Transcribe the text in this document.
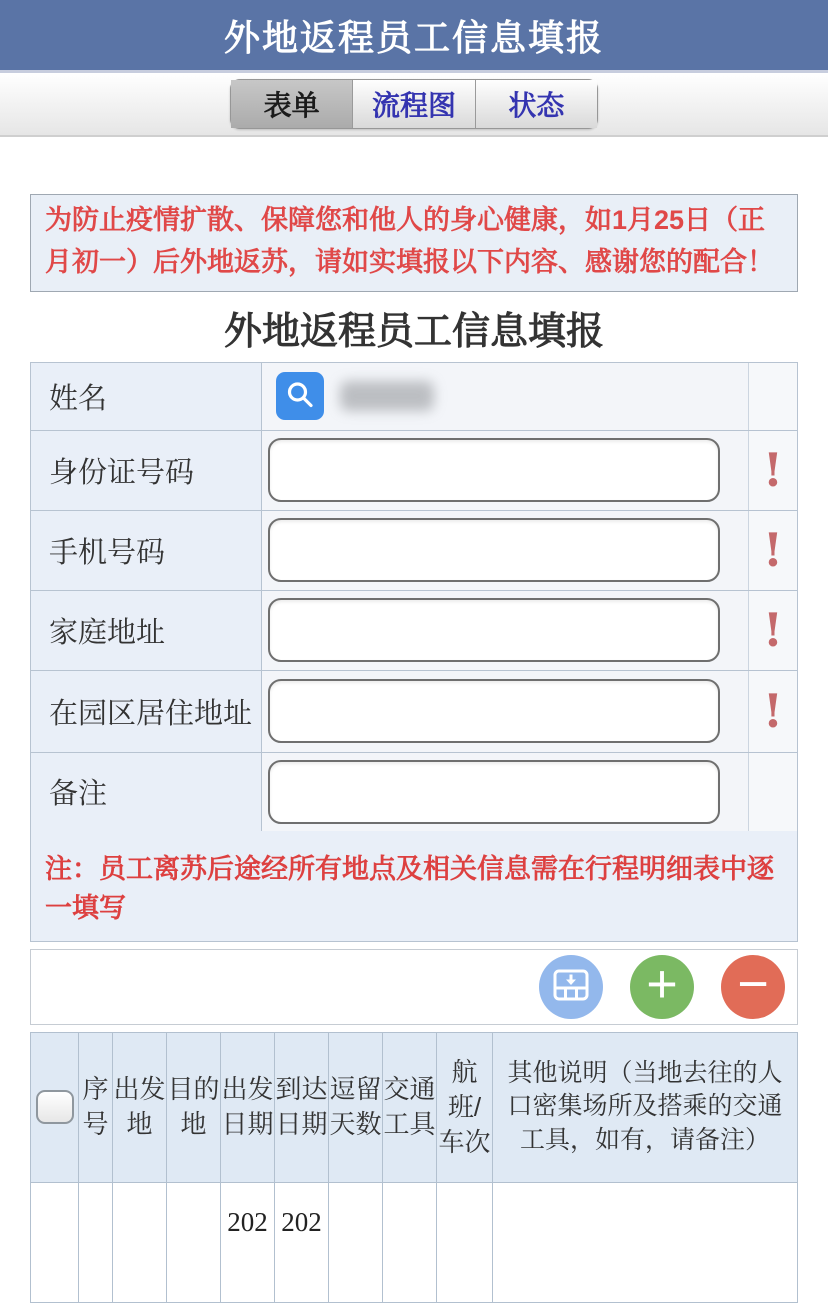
外地返程员工信息填报
表单	流程图	状态
为防止疫情扩散、保障您和他人的身心健康，如1月25日（正月初一）后外地返苏，请如实填报以下内容、感谢您的配合！
外地返程员工信息填报
姓名
身份证号码	!
手机号码	!
家庭地址	!
在园区居住地址	!
备注
注：员工离苏后途经所有地点及相关信息需在行程明细表中逐一填写
+ −
	序号	出发地	目的地	出发日期	到达日期	逗留天数	交通工具	航班/车次	其他说明（当地去往的人口密集场所及搭乘的交通工具，如有，请备注）
				202	202				
